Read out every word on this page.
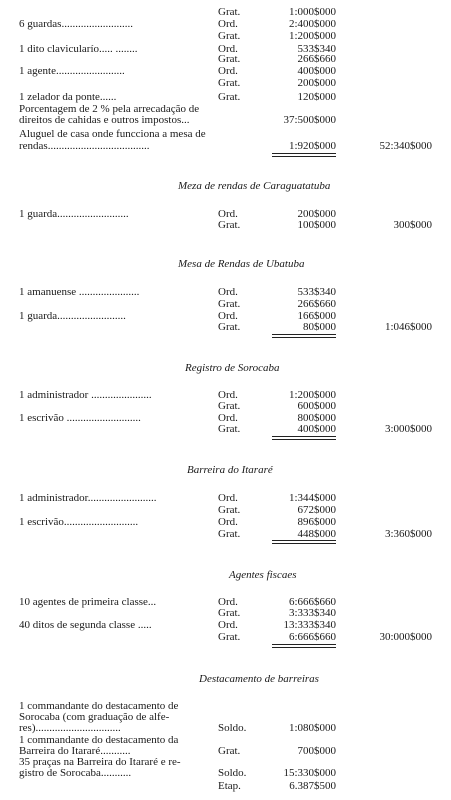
Grat.	1:000$000
6 guardas..........................	Ord.	2:400$000
Grat.	1:200$000
1 dito clavicularío..... ........	Ord.	533$340
Grat.	266$660
1 agente.........................	Ord.	400$000
Grat.	200$000
1 zelador da ponte......	Grat.	120$000
Porcentagem de 2 % pela arrecadação de
direitos de cahidas e outros impostos...	37:500$000
Aluguel de casa onde funcciona a mesa de
rendas.....................................	1:920$000	52:340$000
Meza de rendas de Caraguatatuba
1 guarda..........................	Ord.	200$000
Grat.	100$000	300$000
Mesa de Rendas de Ubatuba
1 amanuense ......................	Ord.	533$340
Grat.	266$660
1 guarda.........................	Ord.	166$000
Grat.	80$000	1:046$000
Registro de Sorocaba
1 administrador ......................	Ord.	1:200$000
Grat.	600$000
1 escrivão ...........................	Ord.	800$000
Grat.	400$000	3:000$000
Barreira do Itararé
1 administrador.........................	Ord.	1:344$000
Grat.	672$000
1 escrivão...........................	Ord.	896$000
Grat.	448$000	3:360$000
Agentes fiscaes
10 agentes de primeira classe...	Ord.	6:666$660
Grat.	3:333$340
40 ditos de segunda classe .....	Ord.	13:333$340
Grat.	6:666$660	30:000$000
Destacamento de barreiras
1 commandante do destacamento de
Sorocaba (com graduação de alfe-
res)...............................	Soldo.	1:080$000
1 commandante do destacamento da
Barreira do Itararé...........	Grat.	700$000
35 praças na Barreira do Itararé e re-
gistro de Sorocaba...........	Soldo.	15:330$000
Etap.	6.387$500
